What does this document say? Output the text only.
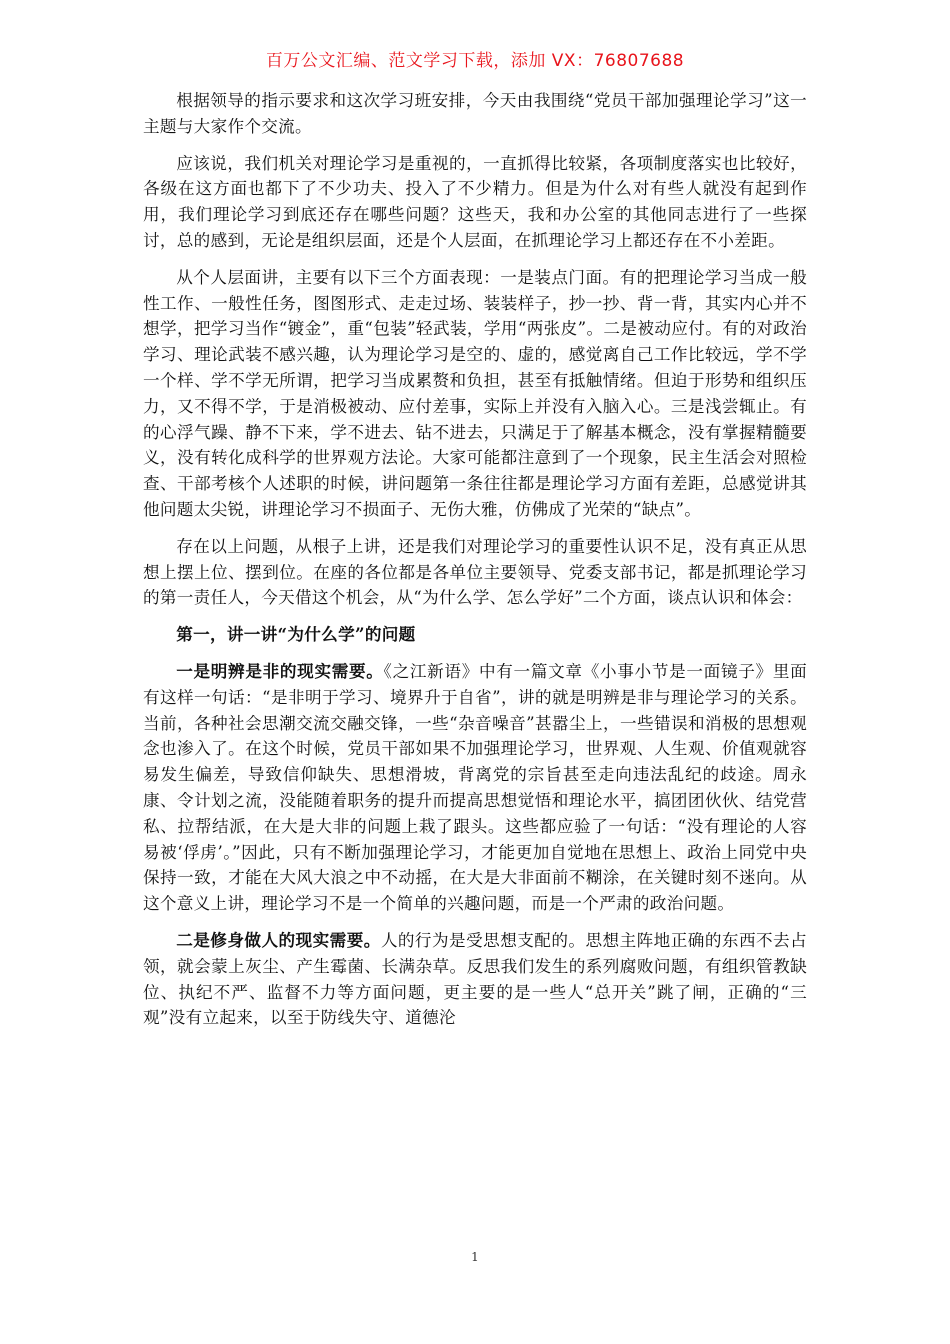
百万公文汇编、范文学习下载，添加 VX：76807688

根据领导的指示要求和这次学习班安排，今天由我围绕“党员干部加强理论学习”这一主题与大家作个交流。

应该说，我们机关对理论学习是重视的，一直抓得比较紧，各项制度落实也比较好，各级在这方面也都下了不少功夫、投入了不少精力。但是为什么对有些人就没有起到作用，我们理论学习到底还存在哪些问题？这些天，我和办公室的其他同志进行了一些探讨，总的感到，无论是组织层面，还是个人层面，在抓理论学习上都还存在不小差距。

从个人层面讲，主要有以下三个方面表现：一是装点门面。有的把理论学习当成一般性工作、一般性任务，图图形式、走走过场、装装样子，抄一抄、背一背，其实内心并不想学，把学习当作“镀金”，重“包装”轻武装，学用“两张皮”。二是被动应付。有的对政治学习、理论武装不感兴趣，认为理论学习是空的、虚的，感觉离自己工作比较远，学不学一个样、学不学无所谓，把学习当成累赘和负担，甚至有抵触情绪。但迫于形势和组织压力，又不得不学，于是消极被动、应付差事，实际上并没有入脑入心。三是浅尝辄止。有的心浮气躁、静不下来，学不进去、钻不进去，只满足于了解基本概念，没有掌握精髓要义，没有转化成科学的世界观方法论。大家可能都注意到了一个现象，民主生活会对照检查、干部考核个人述职的时候，讲问题第一条往往都是理论学习方面有差距，总感觉讲其他问题太尖锐，讲理论学习不损面子、无伤大雅，仿佛成了光荣的“缺点”。

存在以上问题，从根子上讲，还是我们对理论学习的重要性认识不足，没有真正从思想上摆上位、摆到位。在座的各位都是各单位主要领导、党委支部书记，都是抓理论学习的第一责任人，今天借这个机会，从“为什么学、怎么学好”二个方面，谈点认识和体会：

第一，讲一讲“为什么学”的问题

一是明辨是非的现实需要。《之江新语》中有一篇文章《小事小节是一面镜子》里面有这样一句话：“是非明于学习、境界升于自省”，讲的就是明辨是非与理论学习的关系。当前，各种社会思潮交流交融交锋，一些“杂音噪音”甚嚣尘上，一些错误和消极的思想观念也渗入了。在这个时候，党员干部如果不加强理论学习，世界观、人生观、价值观就容易发生偏差，导致信仰缺失、思想滑坡，背离党的宗旨甚至走向违法乱纪的歧途。周永康、令计划之流，没能随着职务的提升而提高思想觉悟和理论水平，搞团团伙伙、结党营私、拉帮结派，在大是大非的问题上栽了跟头。这些都应验了一句话：“没有理论的人容易被‘俘虏’。”因此，只有不断加强理论学习，才能更加自觉地在思想上、政治上同党中央保持一致，才能在大风大浪之中不动摇，在大是大非面前不糊涂，在关键时刻不迷向。从这个意义上讲，理论学习不是一个简单的兴趣问题，而是一个严肃的政治问题。

二是修身做人的现实需要。人的行为是受思想支配的。思想主阵地正确的东西不去占领，就会蒙上灰尘、产生霉菌、长满杂草。反思我们发生的系列腐败问题，有组织管教缺位、执纪不严、监督不力等方面问题，更主要的是一些人“总开关”跳了闸，正确的“三观”没有立起来，以至于防线失守、道德沦

1
